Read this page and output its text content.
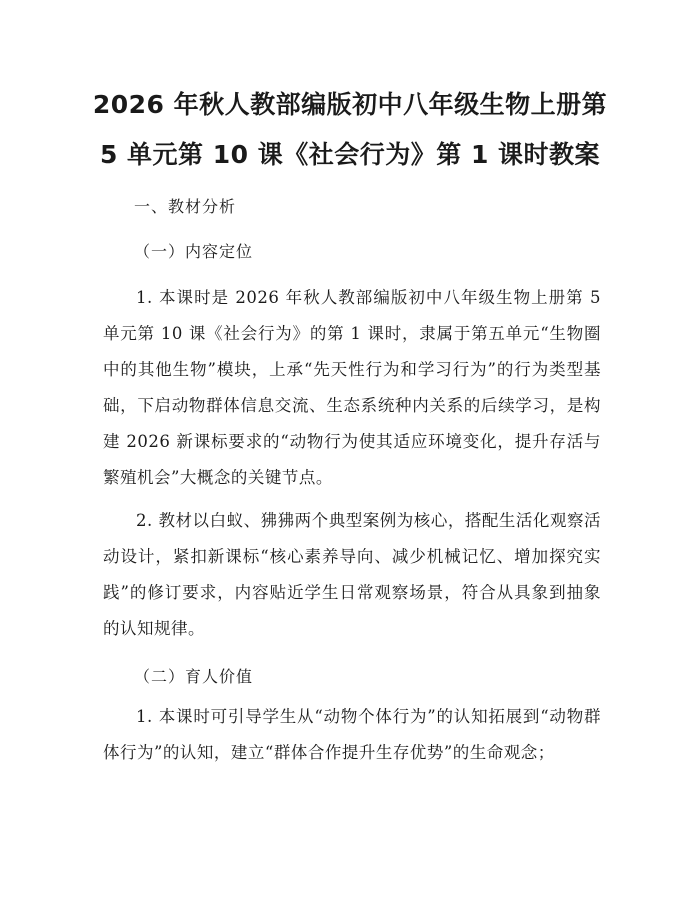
2026 年秋人教部编版初中八年级生物上册第
5 单元第 10 课《社会行为》第 1 课时教案
一、教材分析
（一）内容定位

1. 本课时是 2026 年秋人教部编版初中八年级生物上册第 5 单元第 10 课《社会行为》的第 1 课时，隶属于第五单元“生物圈中的其他生物”模块，上承“先天性行为和学习行为”的行为类型基础，下启动物群体信息交流、生态系统种内关系的后续学习，是构建 2026 新课标要求的“动物行为使其适应环境变化，提升存活与繁殖机会”大概念的关键节点。

2. 教材以白蚁、狒狒两个典型案例为核心，搭配生活化观察活动设计，紧扣新课标“核心素养导向、减少机械记忆、增加探究实践”的修订要求，内容贴近学生日常观察场景，符合从具象到抽象的认知规律。

（二）育人价值

1. 本课时可引导学生从“动物个体行为”的认知拓展到“动物群体行为”的认知，建立“群体合作提升生存优势”的生命观念；
